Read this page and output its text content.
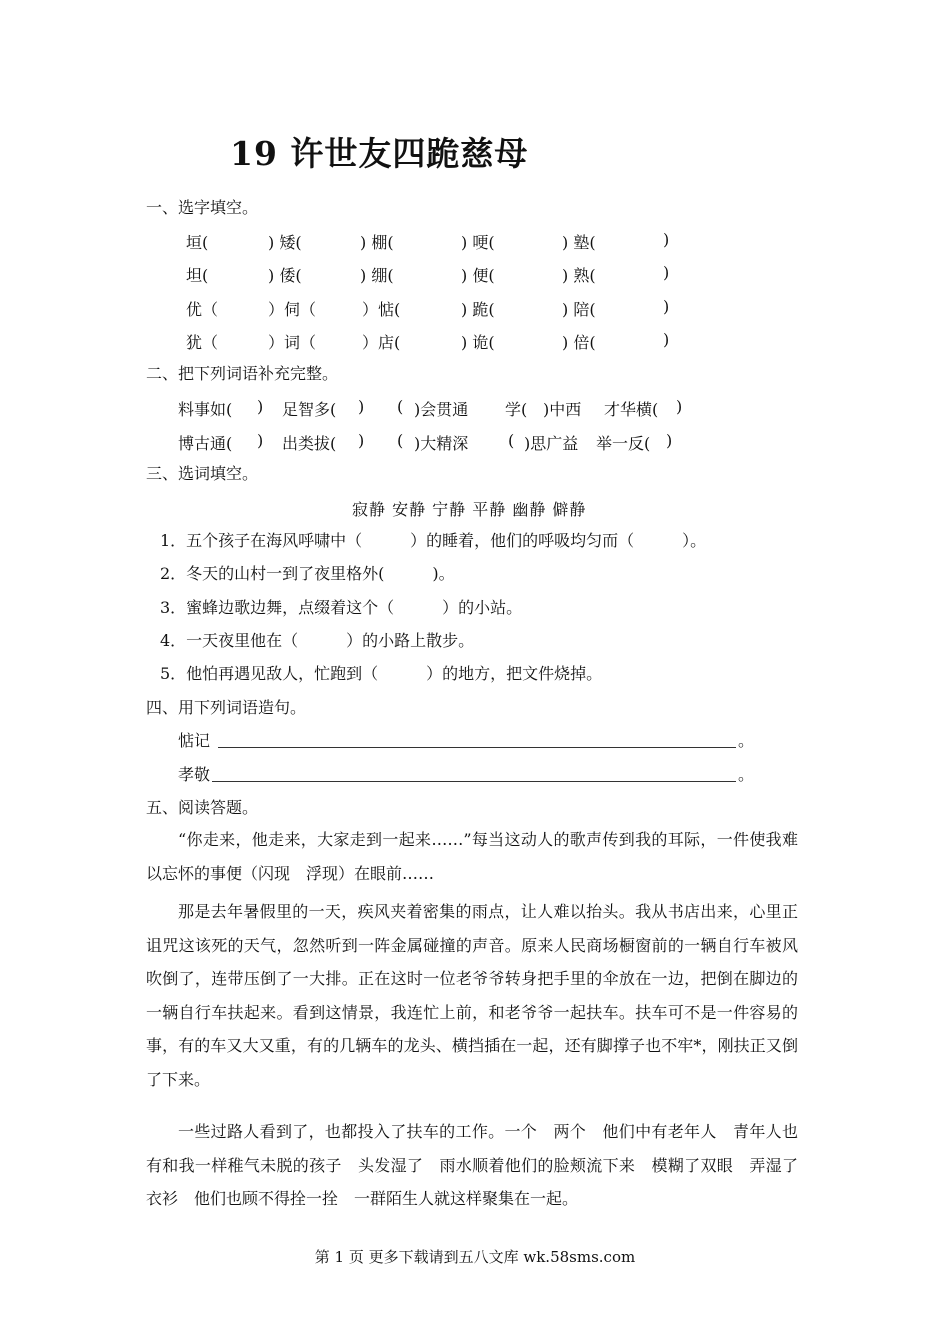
19 许世友四跪慈母
一、选字填空。
垣(	) 矮(	) 棚(	) 哽(	) 塾(	)
坦(	) 倭(	) 绷(	) 便(	) 熟(	)
优（	）伺（	）惦(	) 跪(	) 陪(	)
犹（	）词（	）店(	) 诡(	) 倍(	)
二、把下列词语补充完整。
料事如( ) 足智多( ) ( )会贯通 学( )中西 才华横( )
博古通( ) 出类拔( ) ( )大精深 ( )思广益 举一反( )
三、选词填空。
寂静 安静 宁静 平静 幽静 僻静
1．五个孩子在海风呼啸中（　　　）的睡着，他们的呼吸均匀而（　　　）。
2．冬天的山村一到了夜里格外(　　　)。
3．蜜蜂边歌边舞，点缀着这个（　　　）的小站。
4．一天夜里他在（　　　）的小路上散步。
5．他怕再遇见敌人，忙跑到（　　　）的地方，把文件烧掉。
四、用下列词语造句。
惦记	。
孝敬	。
五、阅读答题。

“你走来，他走来，大家走到一起来……”每当这动人的歌声传到我的耳际，一件使我难以忘怀的事便（闪现　浮现）在眼前……

那是去年暑假里的一天，疾风夹着密集的雨点，让人难以抬头。我从书店出来，心里正诅咒这该死的天气，忽然听到一阵金属碰撞的声音。原来人民商场橱窗前的一辆自行车被风吹倒了，连带压倒了一大排。正在这时一位老爷爷转身把手里的伞放在一边，把倒在脚边的一辆自行车扶起来。看到这情景，我连忙上前，和老爷爷一起扶车。扶车可不是一件容易的事，有的车又大又重，有的几辆车的龙头、横挡插在一起，还有脚撑子也不牢*，刚扶正又倒了下来。

一些过路人看到了，也都投入了扶车的工作。一个　两个　他们中有老年人　青年人也有和我一样稚气未脱的孩子　头发湿了　雨水顺着他们的脸颊流下来　模糊了双眼　弄湿了衣衫　他们也顾不得拴一拴　一群陌生人就这样聚集在一起。

第 1 页 更多下载请到五八文库 wk.58sms.com
